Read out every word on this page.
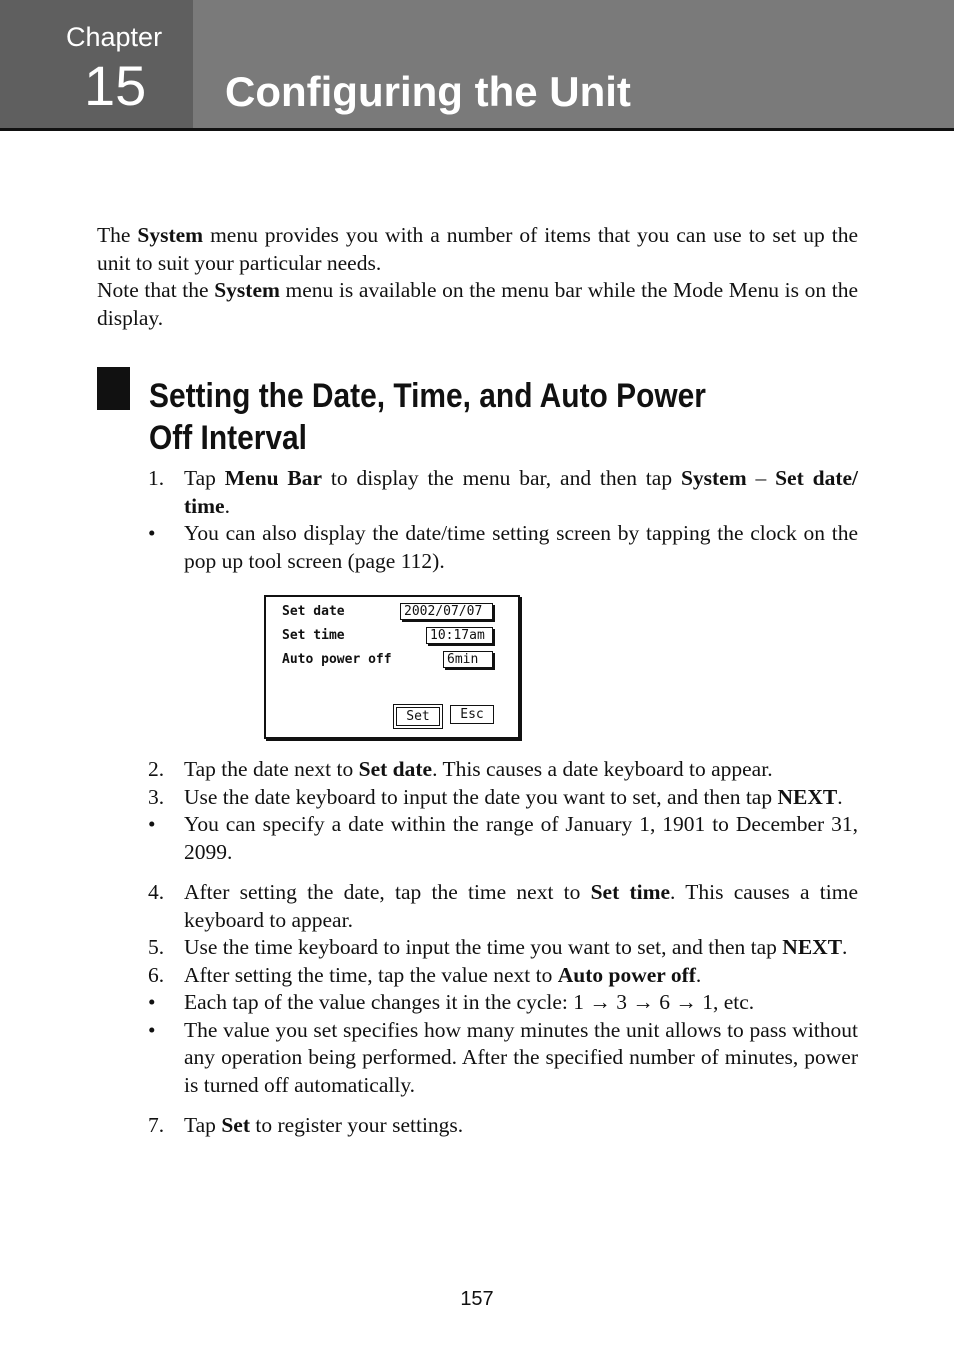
Chapter
15 Configuring the Unit

The System menu provides you with a number of items that you can use to set up the unit to suit your particular needs.

Note that the System menu is available on the menu bar while the Mode Menu is on the display.

Setting the Date, Time, and Auto Power Off Interval
1. Tap Menu Bar to display the menu bar, and then tap System – Set date/ time.
• You can also display the date/time setting screen by tapping the clock on the pop up tool screen (page 112).
Set date	2002/07/07
Set time	10:17am
Auto power off	6min
Set	Esc
2. Tap the date next to Set date. This causes a date keyboard to appear.
3. Use the date keyboard to input the date you want to set, and then tap NEXT.
• You can specify a date within the range of January 1, 1901 to December 31, 2099.
4. After setting the date, tap the time next to Set time. This causes a time keyboard to appear.
5. Use the time keyboard to input the time you want to set, and then tap NEXT.
6. After setting the time, tap the value next to Auto power off.
• Each tap of the value changes it in the cycle: 1 → 3 → 6 → 1, etc.
• The value you set specifies how many minutes the unit allows to pass without any operation being performed. After the specified number of minutes, power is turned off automatically.
7. Tap Set to register your settings.
157
